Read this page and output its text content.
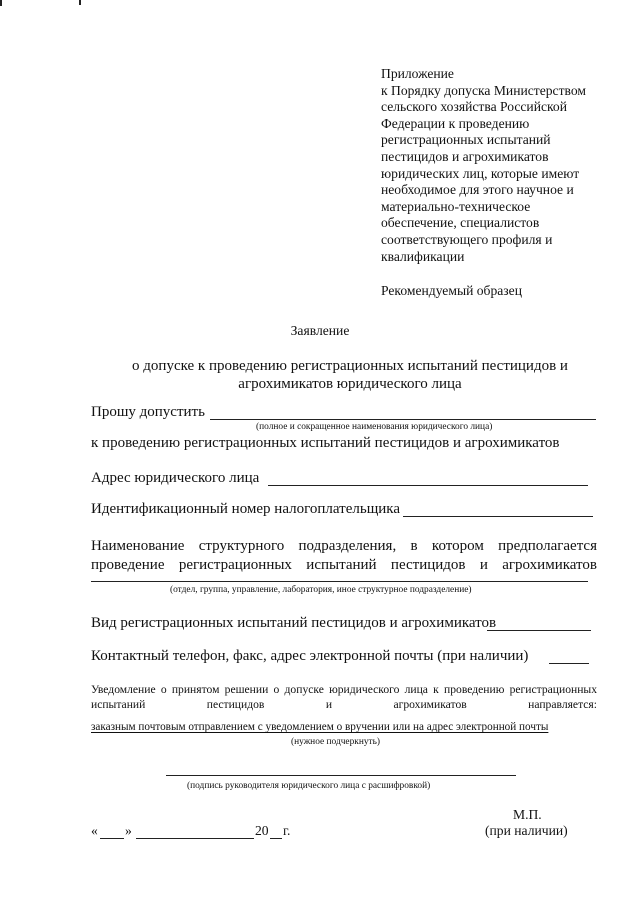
Приложение
к Порядку допуска Министерством
сельского хозяйства Российской
Федерации к проведению
регистрационных испытаний
пестицидов и агрохимикатов
юридических лиц, которые имеют
необходимое для этого научное и
материально-техническое
обеспечение, специалистов
соответствующего профиля и
квалификации
Рекомендуемый образец
Заявление
о допуске к проведению регистрационных испытаний пестицидов и агрохимикатов юридического лица
Прошу допустить
(полное и сокращенное наименования юридического лица)
к проведению регистрационных испытаний пестицидов и агрохимикатов
Адрес юридического лица
Идентификационный номер налогоплательщика
Наименование структурного подразделения, в котором предполагается проведение регистрационных испытаний пестицидов и агрохимикатов
(отдел, группа, управление, лаборатория, иное структурное подразделение)
Вид регистрационных испытаний пестицидов и агрохимикатов
Контактный телефон, факс, адрес электронной почты (при наличии)
Уведомление о принятом решении о допуске юридического лица к проведению регистрационных испытаний пестицидов и агрохимикатов направляется:
заказным почтовым отправлением с уведомлением о вручении или на адрес электронной почты
(нужное подчеркнуть)
(подпись руководителя юридического лица с расшифровкой)
М.П.
(при наличии)
« »	20 г.
